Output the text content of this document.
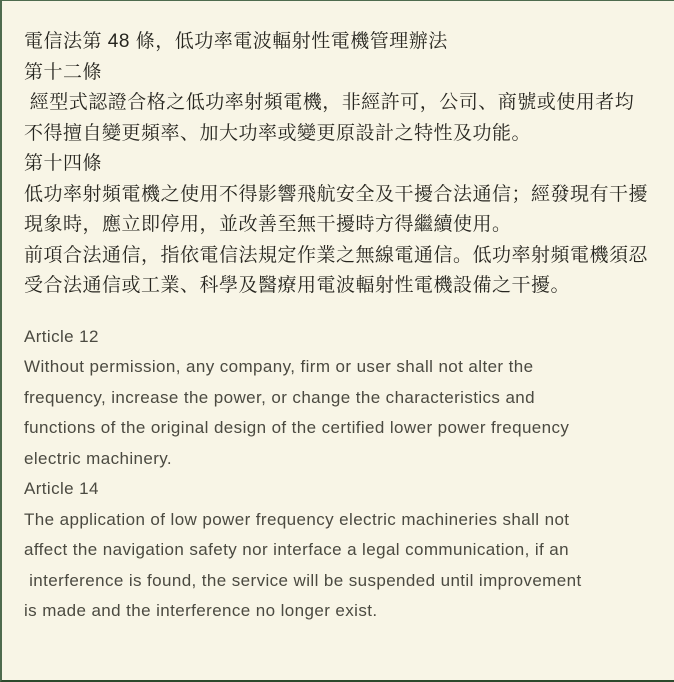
電信法第 48 條，低功率電波輻射性電機管理辦法
第十二條
經型式認證合格之低功率射頻電機，非經許可，公司、商號或使用者均
不得擅自變更頻率、加大功率或變更原設計之特性及功能。
第十四條
低功率射頻電機之使用不得影響飛航安全及干擾合法通信；經發現有干擾
現象時，應立即停用，並改善至無干擾時方得繼續使用。
前項合法通信，指依電信法規定作業之無線電通信。低功率射頻電機須忍
受合法通信或工業、科學及醫療用電波輻射性電機設備之干擾。
Article 12
Without permission, any company, firm or user shall not alter the
frequency, increase the power, or change the characteristics and
functions of the original design of the certified lower power frequency
electric machinery.
Article 14
The application of low power frequency electric machineries shall not
affect the navigation safety nor interface a legal communication, if an
interference is found, the service will be suspended until improvement
is made and the interference no longer exist.
